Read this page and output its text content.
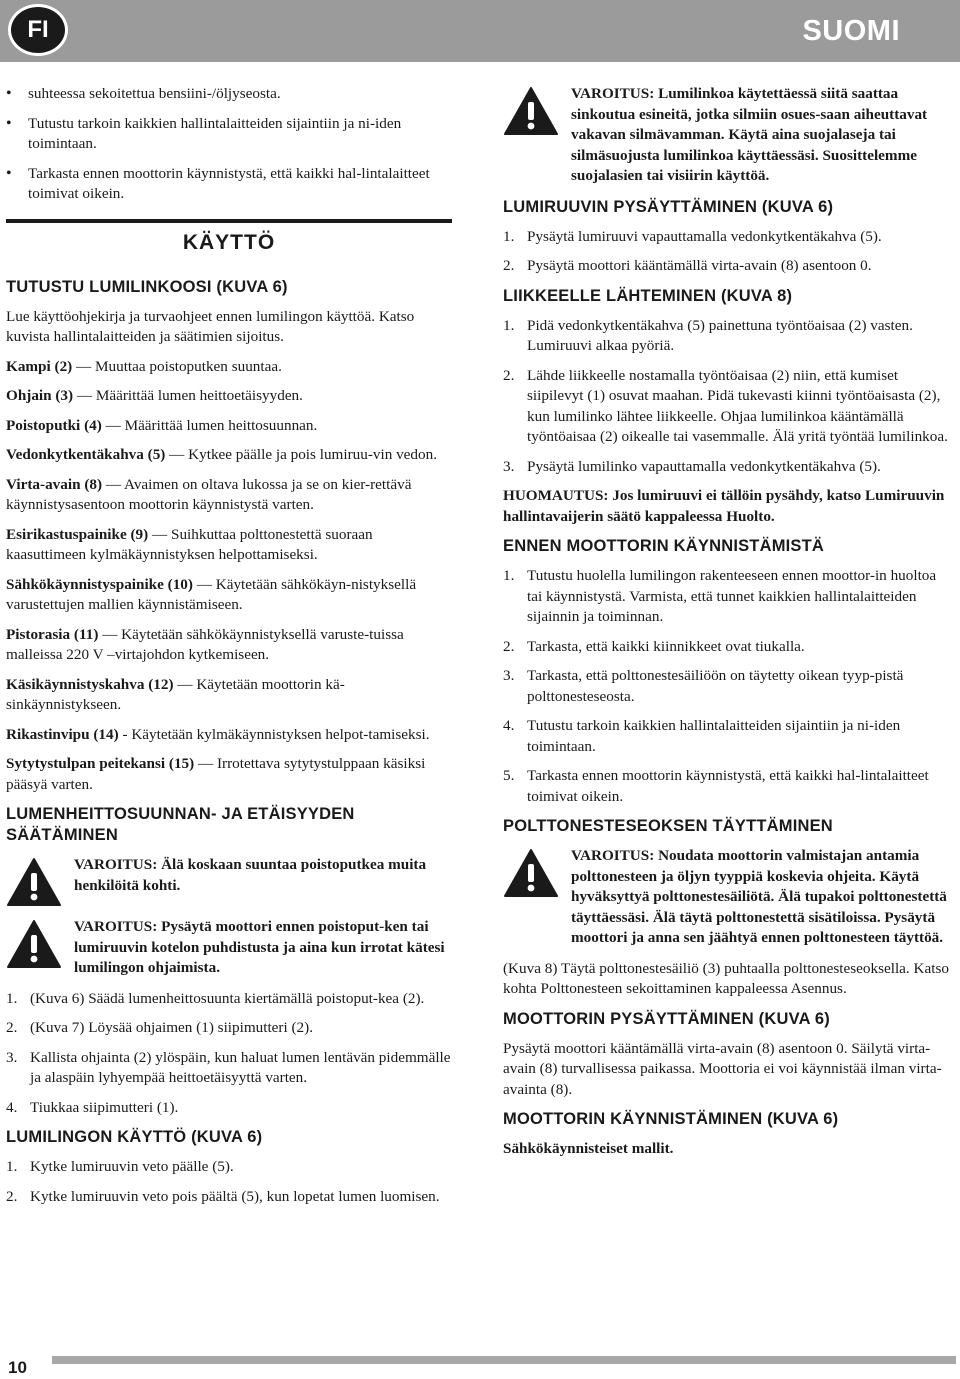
FI	SUOMI
• suhteessa sekoitettua bensiini-/öljyseosta.
• Tutustu tarkoin kaikkien hallintalaitteiden sijaintiin ja ni-iden toimintaan.
• Tarkasta ennen moottorin käynnistystä, että kaikki hal-lintalaitteet toimivat oikein.
KÄYTTÖ
TUTUSTU LUMILINKOOSI (KUVA 6)

Lue käyttöohjekirja ja turvaohjeet ennen lumilingon käyttöä. Katso kuvista hallintalaitteiden ja säätimien sijoitus.

Kampi (2) — Muuttaa poistoputken suuntaa.

Ohjain (3) — Määrittää lumen heittoetäisyyden.

Poistoputki (4) — Määrittää lumen heittosuunnan.

Vedonkytkentäkahva (5) — Kytkee päälle ja pois lumiruu-vin vedon.

Virta-avain (8) — Avaimen on oltava lukossa ja se on kier-rettävä käynnistysasentoon moottorin käynnistystä varten.

Esirikastuspainike (9) — Suihkuttaa polttonestettä suoraan kaasuttimeen kylmäkäynnistyksen helpottamiseksi.

Sähkökäynnistyspainike (10) — Käytetään sähkökäyn-nistyksellä varustettujen mallien käynnistämiseen.

Pistorasia (11) — Käytetään sähkökäynnistyksellä varuste-tuissa malleissa 220 V –virtajohdon kytkemiseen.

Käsikäynnistyskahva (12) — Käytetään moottorin kä-sinkäynnistykseen.

Rikastinvipu (14) - Käytetään kylmäkäynnistyksen helpot-tamiseksi.

Sytytystulpan peitekansi (15) — Irrotettava sytytystulppaan käsiksi pääsyä varten.

LUMENHEITTOSUUNNAN- JA ETÄISYYDEN SÄÄTÄMINEN
VAROITUS: Älä koskaan suuntaa poistoputkea muita henkilöitä kohti.
VAROITUS: Pysäytä moottori ennen poistoput-ken tai lumiruuvin kotelon puhdistusta ja aina kun irrotat kätesi lumilingon ohjaimista.
1. (Kuva 6) Säädä lumenheittosuunta kiertämällä poistoput-kea (2).
2. (Kuva 7) Löysää ohjaimen (1) siipimutteri (2).
3. Kallista ohjainta (2) ylöspäin, kun haluat lumen lentävän pidemmälle ja alaspäin lyhyempää heittoetäisyyttä varten.
4. Tiukkaa siipimutteri (1).
LUMILINGON KÄYTTÖ (KUVA 6)
1. Kytke lumiruuvin veto päälle (5).
2. Kytke lumiruuvin veto pois päältä (5), kun lopetat lumen luomisen.
VAROITUS: Lumilinkoa käytettäessä siitä saattaa sinkoutua esineitä, jotka silmiin osues-saan aiheuttavat vakavan silmävamman. Käytä aina suojalaseja tai silmäsuojusta lumilinkoa käyttäessäsi. Suosittelemme suojalasien tai visiirin käyttöä.
LUMIRUUVIN PYSÄYTTÄMINEN (KUVA 6)
1. Pysäytä lumiruuvi vapauttamalla vedonkytkentäkahva (5).
2. Pysäytä moottori kääntämällä virta-avain (8) asentoon 0.
LIIKKEELLE LÄHTEMINEN (KUVA 8)
1. Pidä vedonkytkentäkahva (5) painettuna työntöaisaa (2) vasten. Lumiruuvi alkaa pyöriä.
2. Lähde liikkeelle nostamalla työntöaisaa (2) niin, että kumiset siipilevyt (1) osuvat maahan. Pidä tukevasti kiinni työntöaisasta (2), kun lumilinko lähtee liikkeelle. Ohjaa lumilinkoa kääntämällä työntöaisaa (2) oikealle tai vasemmalle. Älä yritä työntää lumilinkoa.
3. Pysäytä lumilinko vapauttamalla vedonkytkentäkahva (5).

HUOMAUTUS: Jos lumiruuvi ei tällöin pysähdy, katso Lumiruuvin hallintavaijerin säätö kappaleessa Huolto.

ENNEN MOOTTORIN KÄYNNISTÄMISTÄ
1. Tutustu huolella lumilingon rakenteeseen ennen moottor-in huoltoa tai käynnistystä. Varmista, että tunnet kaikkien hallintalaitteiden sijainnin ja toiminnan.
2. Tarkasta, että kaikki kiinnikkeet ovat tiukalla.
3. Tarkasta, että polttonestesäiliöön on täytetty oikean tyyp-pistä polttonesteseosta.
4. Tutustu tarkoin kaikkien hallintalaitteiden sijaintiin ja ni-iden toimintaan.
5. Tarkasta ennen moottorin käynnistystä, että kaikki hal-lintalaitteet toimivat oikein.
POLTTONESTESEOKSEN TÄYTTÄMINEN
VAROITUS: Noudata moottorin valmistajan antamia polttonesteen ja öljyn tyyppiä koskevia ohjeita. Käytä hyväksyttyä polttonestesäiliötä. Älä tupakoi polttonestettä täyttäessäsi. Älä täytä polttonestettä sisätiloissa. Pysäytä moottori ja anna sen jäähtyä ennen polttonesteen täyttöä.

(Kuva 8) Täytä polttonestesäiliö (3) puhtaalla polttonesteseoksella. Katso kohta Polttonesteen sekoittaminen kappaleessa Asennus.

MOOTTORIN PYSÄYTTÄMINEN (KUVA 6)

Pysäytä moottori kääntämällä virta-avain (8) asentoon 0. Säilytä virta-avain (8) turvallisessa paikassa. Moottoria ei voi käynnistää ilman virta-avainta (8).

MOOTTORIN KÄYNNISTÄMINEN (KUVA 6)

Sähkökäynnisteiset mallit.

10
